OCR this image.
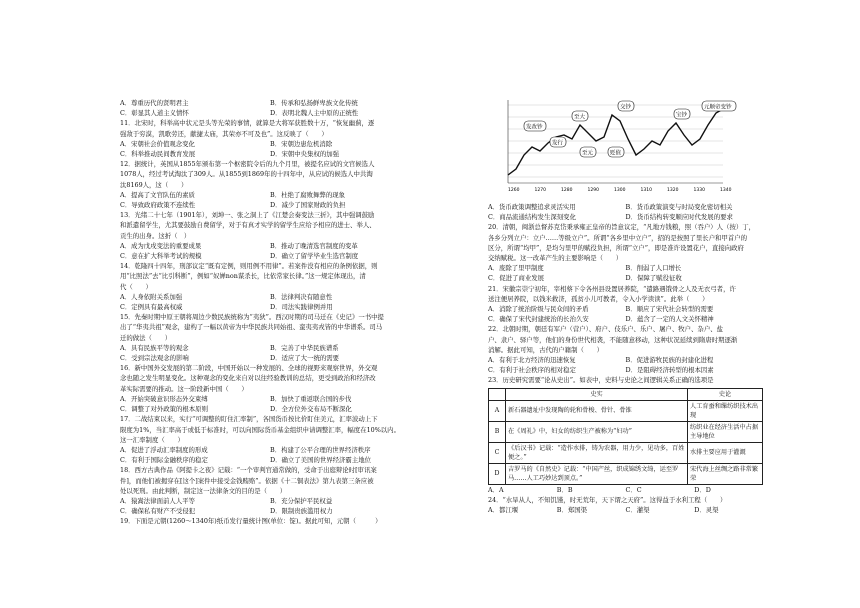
A．尊重历代的贤明君主	B．传承和弘扬鲜卑族文化传统
C．彰显其人道主义情怀	D．表明北魏人主中原的正统性

11．北宋时，科举高中状元是头等光荣的事情，就算是大将军获胜数十万，“恢复幽蓟，逐

强敌于穷漠，凯歌劳还，献捷太庙，其荣亦不可及也”。这反映了（　　）

A．宋朝社会价值观念变化	B．宋朝边患危机消除
C．科举推动民间教育发展	D．宋朝中央集权的加强

12．据统计，英国从1855年颁布第一个枢密院令后的九个月里，被提名应试的文官候选人

1078人，经过考试淘汰了309人。从1855到1869年的十四年中，从应试的候选人中共淘

汰8169人，这（　　）

A．提高了文官队伍的素质	B．杜绝了腐败舞弊的现象
C．导致政府政策不连续性	D．减少了国家财政的负担

13．光绪二十七年（1901年），刘坤一、张之洞上了《江楚会奏变法三折》，其中强调鼓励

和派遣留学生，尤其要鼓励自费留学，对于有真才实学的留学生应给予相应的进士、举人、

贡生的出身。这折（　）

A．成为戊戌变法的重要成果	B．推动了晚清选官制度的变革
C．意在扩大科举考试的规模	D．确立了留学毕业生选官制度

14．乾隆四十四年，刑部议定“既有定例，则用例不用律”。若案件没有相应的条例依据，则

用“比照法”去“比引科断”，例如“奴婵non谋杀长，比依常家长律。”这一规定体现出，清

代（　　）

A．人身依附关系加强	B．法律判决有随意性
C．定例具有最高权威	D．司法实践律例并用

15．先秦时期中原王朝将周边少数民族统称为“夷狄”。西汉时期的司马迁在《史记》一书中提

出了“华夷共祖”观念，建构了一幅以黄帝为中华民族共同始祖、蛮夷夷戎皆的中华谱系。司马

迁的做法（　　）

A．具有民族平等的观念	B．完善了中华民族谱系
C．受到宗法观念的影响	D．适应了大一统的需要

16．新中国外交发展的第二阶段，中国开始以一种发展的、全球的视野来观察世界，外交观

念也随之发生明显变化。这种观念的变化来自对以往经验教训的总结，更受到政治和经济改

革实际需要的推动。这一阶段新中国（　　）

A．开始突破意识形态外交束缚	B．加快了重返联合国的步伐
C．调整了对外政策的根本原则	D．全方位外交布局不断深化

17．二战结束以来，实行“可调整的盯住汇率制”，各国货币按比价盯住美元，汇率波动上下

限度为1%，当汇率高于或低于标准时，可以向国际货币基金组织申请调整汇率，幅度在10%以内。

这一汇率制度（　　）

A．促进了浮动汇率制度的形成	B．构建了公平合理的世界经济秩序
C．有利于国际金融秩序的稳定	D．确立了美国的世界经济霸主地位

18．西方古典作品《阿提卡之夜》记载：“一个审判官通常做的，受命于出庭辩论时[审讯案

件]，而他们被揭穿在[这个]案件中接受金钱贿赂”。依据《十二铜表法》第九表第三条应被

处以死刑。由此判断，制定这一法律条文的目的是（　　）

A．猿嵩法律面前人人平等	B．充分保护平民权益
C．确保私有财产不受侵犯	D．限制贵族滥用权力

19．下面是元朝(1260～1340年)纸币发行量统计图(单位：锭)。据此可知，元朝（　　　）

发改钞
发行
至大
至元	贬值
交钞
宝钞
元顺帝变钞
1260	1270	1280	1290	1300	1310	1320	1330	1340
A．货币政策调整追求灵活实用	B．货币政策演变与时局变化密切相关
C．商品流通结构发生深刻变化	D．货币结构转变顺应时代发展的要求

20．清朝，闽浙总督苏克岱秉承雍正皇帝的旨意议定，“凡地方钱粮，照（吞户）人（按）丁，

各乡分列立户：立户……等级立户”。所谓“各乡里中立户”，招的是按照了里长户和甲首户的

区分，所谓“均甲”，是均匀里甲的赋役负担，所谓“立户”，即是准许设置花户，直接向政府

交纳赋税。这一改革产生的主要影响是（　　）

A．废除了里甲制度	B．削弱了人口增长
C．促进了商业发展	D．保障了赋役征收

21．宋徽宗崇宁初年，宰相蔡下令各州县设置居养院，“遣路遇饿骨之人及无衣弓者，许

送注便居养院，以钱米救济，孤贫小儿可教者，令入小学读读”。此举（　　）

A．消除了统治阶级与民众间的矛盾	B．顺应了宋代社会转型的需要
C．确保了宋代封建统治的长治久安	D．蕴含了一定的人文关怀精神

22．北朝时期，朝廷有军户（营户）、府户、伎乐户、乐户、屠户、牧户、杂户、盐

户、隶户、驿户等，他们的身份世代相袭，不能随意移动，这种状况延续到隋唐时期逐渐

消解。据此可知，古代的户籍制（　　）

A．有利于北方经济的迅速恢复	B．促进游牧民族的封建化进程
C．有利于社会秩序的相对稳定	D．是阻碍经济转型的根本因素

23．历史研究需要“论从史出”。如表中，史料与史论之间逻辑关系正确的选项是

	史实	史论
A	新石器遗址中发现陶的轮和骨梭、骨针、骨锥	人工育蚕和缫纺织技术出现
B	在《周礼》中，妇女的纺织生产被称为“妇功”	纺织业在经济生活中占据主导地位
C	《后汉书》记载：“造作水排，铸为农器，用力少，见功多，百姓便之。”	水排主要应用于灌溉
D	吉罗马的《自然史》记载：“中国产丝，织成锦绣文绮，运至罗马……人工巧妙达到顶点。”	宋代海上丝绸之路非常繁荣
A．A	B．B	C．C	D．D

24．“水旱从人，不知饥馑，时无荒年，天下谓之天府”。这得益于水利工程（　　）

A．都江堰	B．郑国渠	C．灌渠	D．灵渠
